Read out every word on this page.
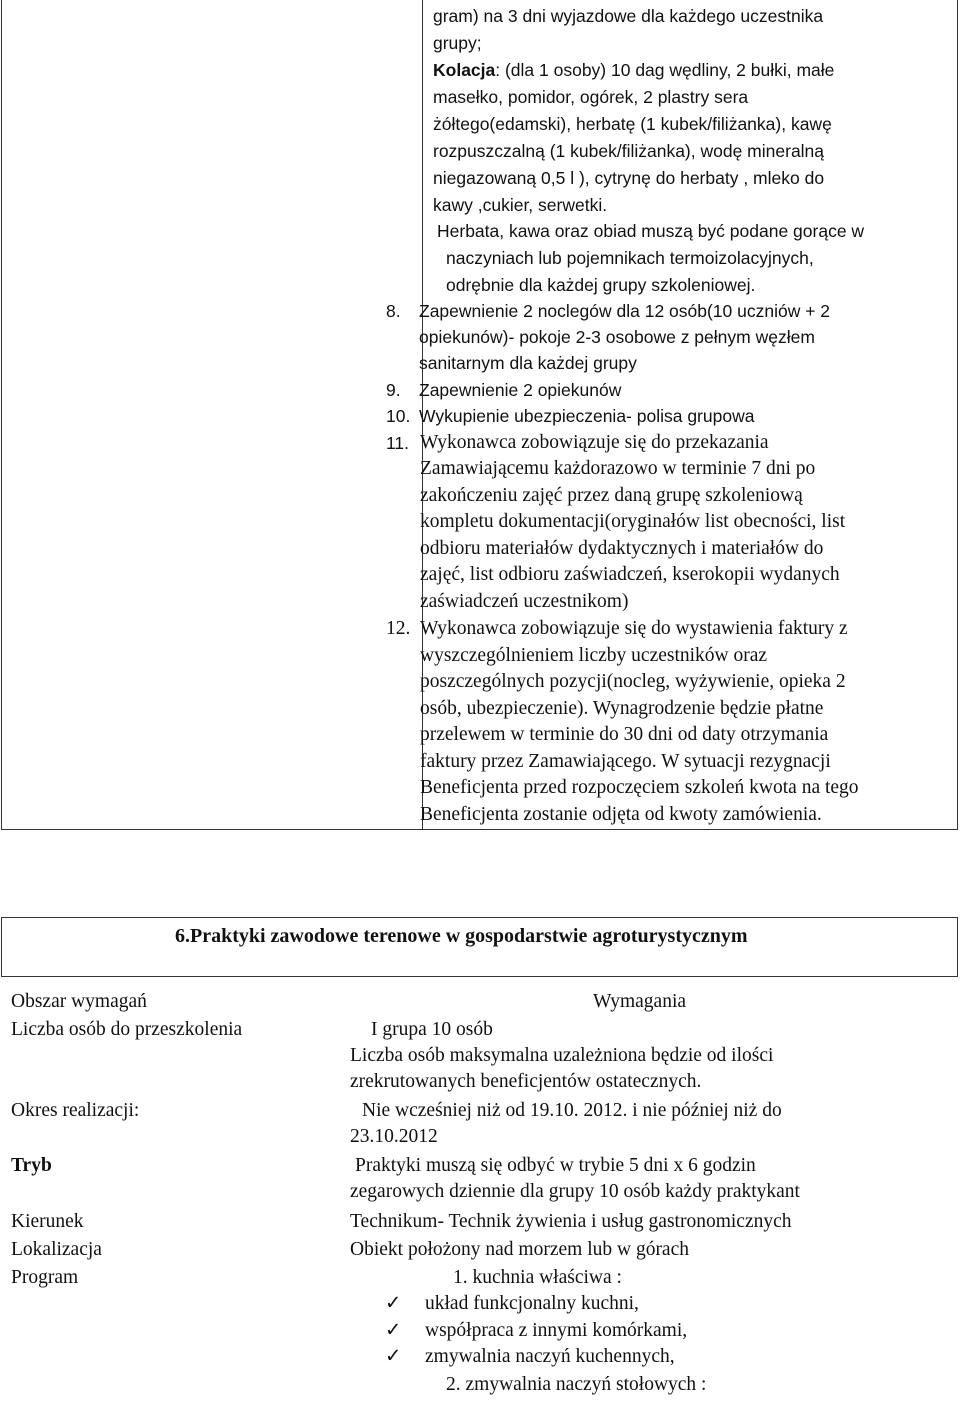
gram) na 3 dni wyjazdowe dla każdego uczestnika
grupy;
Kolacja: (dla 1 osoby) 10 dag wędliny, 2 bułki, małe
masełko, pomidor, ogórek, 2 plastry sera
żółtego(edamski), herbatę (1 kubek/filiżanka), kawę
rozpuszczalną (1 kubek/filiżanka), wodę mineralną
niegazowaną 0,5 l ), cytrynę do herbaty , mleko do
kawy ,cukier, serwetki.
Herbata, kawa oraz obiad muszą być podane gorące w
naczyniach lub pojemnikach termoizolacyjnych,
odrębnie dla każdej grupy szkoleniowej.
8. Zapewnienie 2 noclegów dla 12 osób(10 uczniów + 2
opiekunów)- pokoje 2-3 osobowe z pełnym węzłem
sanitarnym dla każdej grupy
9. Zapewnienie 2 opiekunów
10. Wykupienie ubezpieczenia- polisa grupowa
11. Wykonawca zobowiązuje się do przekazania
Zamawiającemu każdorazowo w terminie 7 dni po
zakończeniu zajęć przez daną grupę szkoleniową
kompletu dokumentacji(oryginałów list obecności, list
odbioru materiałów dydaktycznych i materiałów do
zajęć, list odbioru zaświadczeń, kserokopii wydanych
zaświadczeń uczestnikom)
12. Wykonawca zobowiązuje się do wystawienia faktury z
wyszczególnieniem liczby uczestników oraz
poszczególnych pozycji(nocleg, wyżywienie, opieka 2
osób, ubezpieczenie). Wynagrodzenie będzie płatne
przelewem w terminie do 30 dni od daty otrzymania
faktury przez Zamawiającego. W sytuacji rezygnacji
Beneficjenta przed rozpoczęciem szkoleń kwota na tego
Beneficjenta zostanie odjęta od kwoty zamówienia.
6.Praktyki zawodowe terenowe w gospodarstwie agroturystycznym
Obszar wymagań	Wymagania
Liczba osób do przeszkolenia	I grupa 10 osób
Liczba osób maksymalna uzależniona będzie od ilości
zrekrutowanych beneficjentów ostatecznych.
Okres realizacji:	Nie wcześniej niż od 19.10. 2012. i nie później niż do
23.10.2012
Tryb	Praktyki muszą się odbyć w trybie 5 dni x 6 godzin
zegarowych dziennie dla grupy 10 osób każdy praktykant
Kierunek	Technikum- Technik żywienia i usług gastronomicznych
Lokalizacja	Obiekt położony nad morzem lub w górach
Program	1. kuchnia właściwa :
✓ układ funkcjonalny kuchni,
✓ współpraca z innymi komórkami,
✓ zmywalnia naczyń kuchennych,
2. zmywalnia naczyń stołowych :
